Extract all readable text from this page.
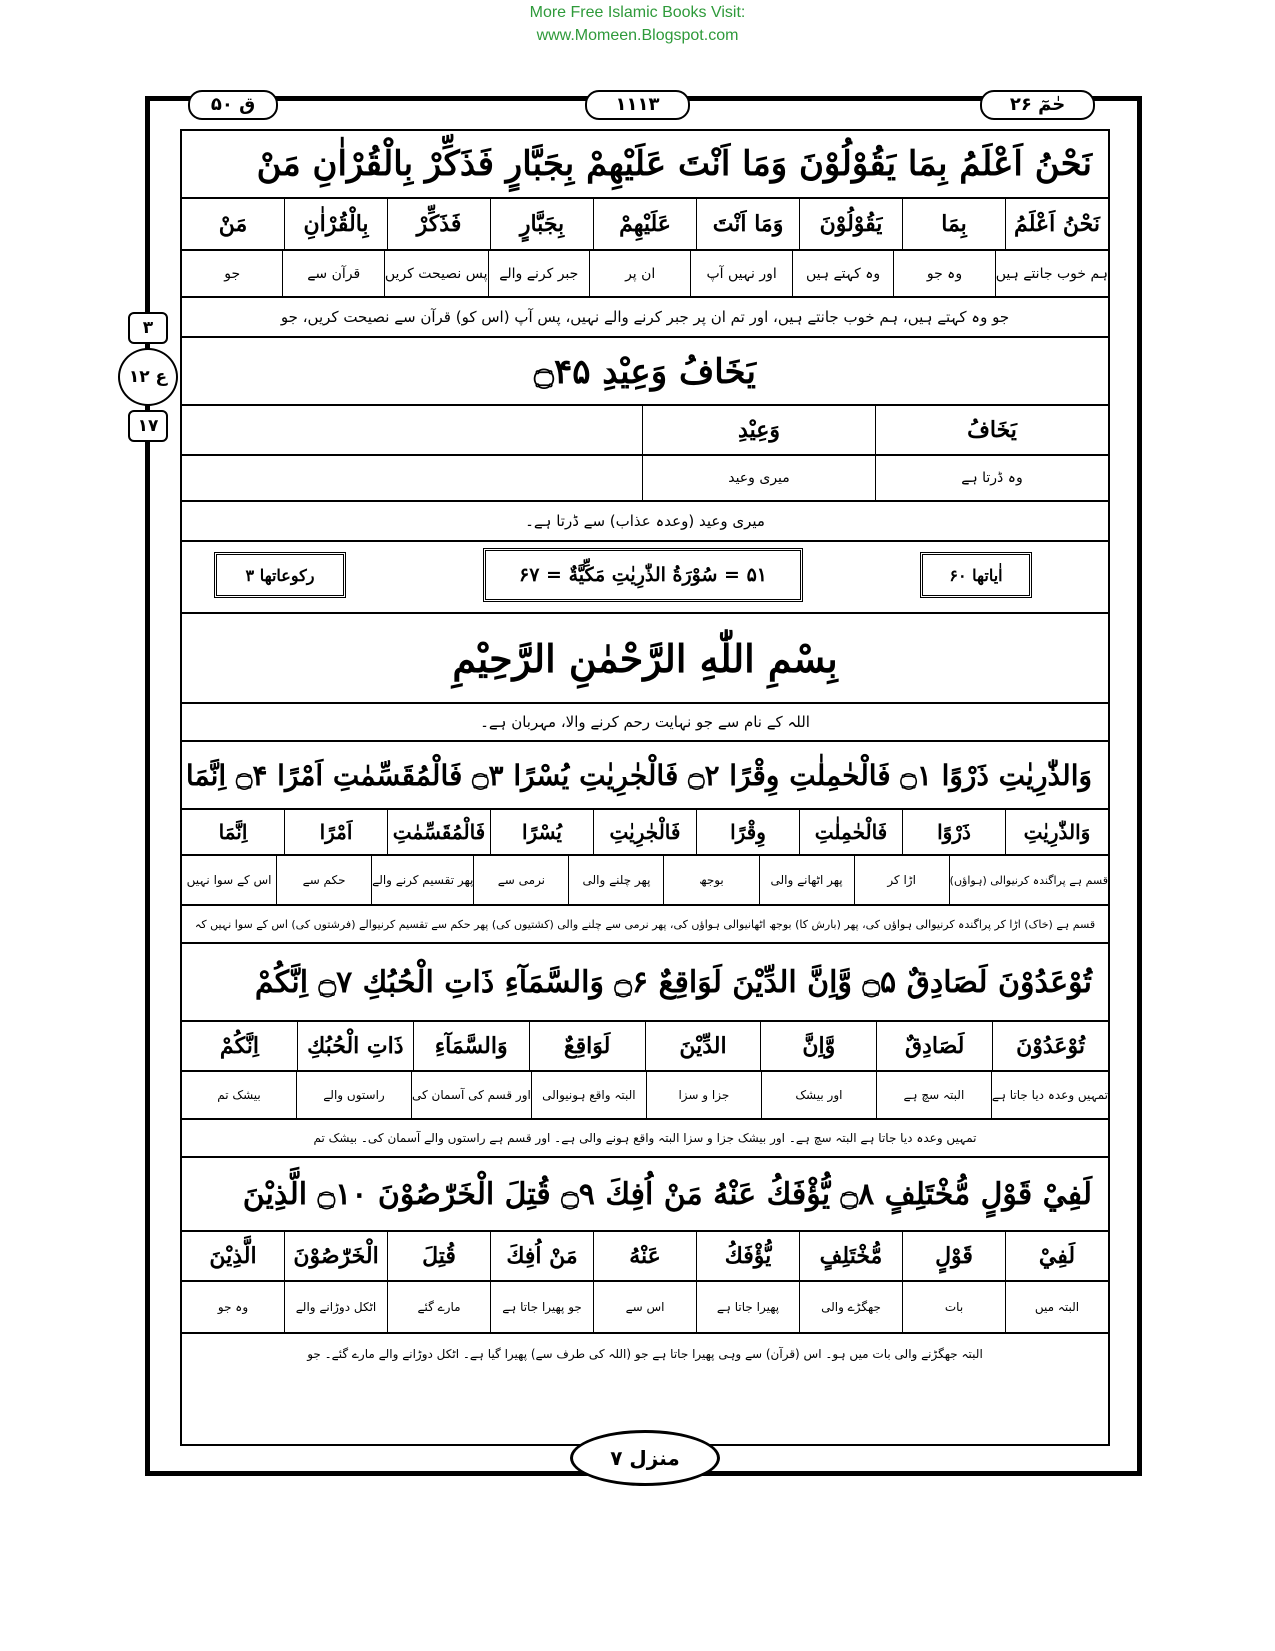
More Free Islamic Books Visit:
www.Momeen.Blogspot.com
ق ۵۰	۱۱۱۳	حٰمٓ ۲۶
۳
ع ۱۲
۱۷
نَحْنُ اَعْلَمُ بِمَا يَقُوْلُوْنَ وَمَا اَنْتَ عَلَيْهِمْ بِجَبَّارٍ فَذَكِّرْ بِالْقُرْاٰنِ مَنْ
نَحْنُ اَعْلَمُ
بِمَا
يَقُوْلُوْنَ
وَمَا اَنْتَ
عَلَيْهِمْ
بِجَبَّارٍ
فَذَكِّرْ
بِالْقُرْاٰنِ
مَنْ
ہم خوب جانتے ہیں
وہ جو
وہ کہتے ہیں
اور نہیں آپ
ان پر
جبر کرنے والے
پس نصیحت کریں
قرآن سے
جو
جو وہ کہتے ہیں، ہم خوب جانتے ہیں، اور تم ان پر جبر کرنے والے نہیں، پس آپ (اس کو) قرآن سے نصیحت کریں، جو
يَخَافُ وَعِيْدِ ۝۴۵
يَخَافُ
وَعِيْدِ
وہ ڈرتا ہے
میری وعید
میری وعید (وعدہ عذاب) سے ڈرتا ہے۔
اٰیاتھا ۶۰
۵۱ = سُوْرَةُ الذّٰرِيٰتِ مَكِّيَّةٌ = ۶۷
رکوعاتھا ۳
بِسْمِ اللّٰهِ الرَّحْمٰنِ الرَّحِيْمِ
اللہ کے نام سے جو نہایت رحم کرنے والا، مہربان ہے۔
وَالذّٰرِيٰتِ ذَرْوًا ۝۱ فَالْحٰمِلٰتِ وِقْرًا ۝۲ فَالْجٰرِيٰتِ يُسْرًا ۝۳ فَالْمُقَسِّمٰتِ اَمْرًا ۝۴ اِنَّمَا
وَالذّٰرِيٰتِ
ذَرْوًا
فَالْحٰمِلٰتِ
وِقْرًا
فَالْجٰرِيٰتِ
يُسْرًا
فَالْمُقَسِّمٰتِ
اَمْرًا
اِنَّمَا
قسم ہے پراگندہ کرنیوالی (ہواؤں)
اڑا کر
پھر اٹھانے والی
بوجھ
پھر چلنے والی
نرمی سے
پھر تقسیم کرنے والے
حکم سے
اس کے سوا نہیں
قسم ہے (خاک) اڑا کر پراگندہ کرنیوالی ہواؤں کی، پھر (بارش کا) بوجھ اٹھانیوالی ہواؤں کی، پھر نرمی سے چلنے والی (کشتیوں کی) پھر حکم سے تقسیم کرنیوالے (فرشتوں کی) اس کے سوا نہیں کہ
تُوْعَدُوْنَ لَصَادِقٌ ۝۵ وَّاِنَّ الدِّيْنَ لَوَاقِعٌ ۝۶ وَالسَّمَآءِ ذَاتِ الْحُبُكِ ۝۷ اِنَّكُمْ
تُوْعَدُوْنَ
لَصَادِقٌ
وَّاِنَّ
الدِّيْنَ
لَوَاقِعٌ
وَالسَّمَآءِ
ذَاتِ الْحُبُكِ
اِنَّكُمْ
تمہیں وعدہ دیا جاتا ہے
البتہ سچ ہے
اور بیشک
جزا و سزا
البتہ واقع ہونیوالی
اور قسم کی آسمان کی
راستوں والے
بیشک تم
تمہیں وعدہ دیا جاتا ہے البتہ سچ ہے۔ اور بیشک جزا و سزا البتہ واقع ہونے والی ہے۔ اور قسم ہے راستوں والے آسمان کی۔ بیشک تم
لَفِيْ قَوْلٍ مُّخْتَلِفٍ ۝۸ يُّؤْفَكُ عَنْهُ مَنْ اُفِكَ ۝۹ قُتِلَ الْخَرّٰصُوْنَ ۝۱۰ الَّذِيْنَ
لَفِيْ
قَوْلٍ
مُّخْتَلِفٍ
يُّؤْفَكُ
عَنْهُ
مَنْ اُفِكَ
قُتِلَ
الْخَرّٰصُوْنَ
الَّذِيْنَ
البتہ میں
بات
جھگڑے والی
پھیرا جاتا ہے
اس سے
جو پھیرا جاتا ہے
مارے گئے
اٹکل دوڑانے والے
وہ جو
البتہ جھگڑنے والی بات میں ہو۔ اس (قرآن) سے وہی پھیرا جاتا ہے جو (اللہ کی طرف سے) پھیرا گیا ہے۔ اٹکل دوڑانے والے مارے گئے۔ جو
منزل ۷
